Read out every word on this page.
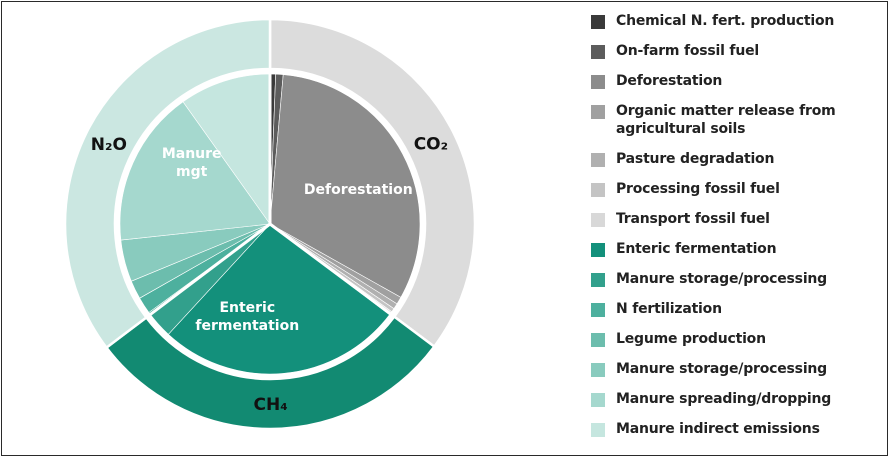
Deforestation
Enteric fermentation
Manure mgt
CO₂
CH₄
N₂O
Chemical N. fert. production
On-farm fossil fuel
Deforestation
Organic matter release from
agricultural soils
Pasture degradation
Processing fossil fuel
Transport fossil fuel
Enteric fermentation
Manure storage/processing
N fertilization
Legume production
Manure storage/processing
Manure spreading/dropping
Manure indirect emissions
